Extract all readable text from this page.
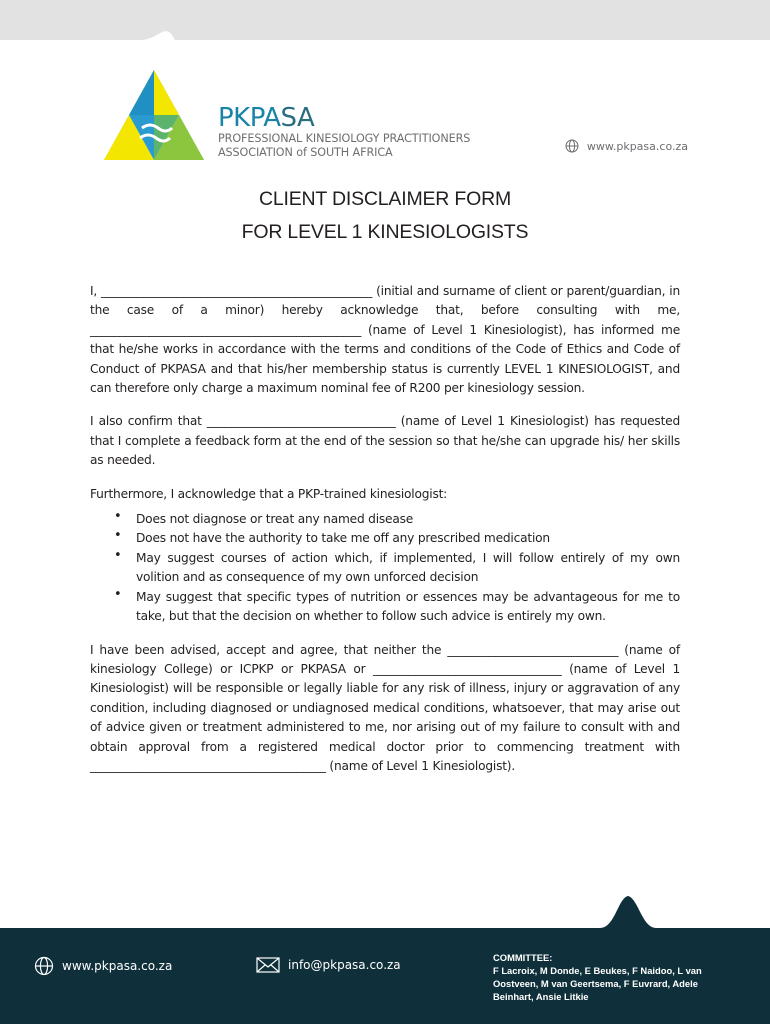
PKPASA
PROFESSIONAL KINESIOLOGY PRACTITIONERS
ASSOCIATION of SOUTH AFRICA	www.pkpasa.co.za
CLIENT DISCLAIMER FORM
FOR LEVEL 1 KINESIOLOGISTS

I, ______________________________________________ (initial and surname of client or parent/guardian, in the case of a minor) hereby acknowledge that, before consulting with me, ______________________________________________ (name of Level 1 Kinesiologist), has informed me that he/she works in accordance with the terms and conditions of the Code of Ethics and Code of Conduct of PKPASA and that his/her membership status is currently LEVEL 1 KINESIOLOGIST, and can therefore only charge a maximum nominal fee of R200 per kinesiology session.

I also confirm that ________________________________ (name of Level 1 Kinesiologist) has requested that I complete a feedback form at the end of the session so that he/she can upgrade his/ her skills as needed.

Furthermore, I acknowledge that a PKP-trained kinesiologist:

• Does not diagnose or treat any named disease
• Does not have the authority to take me off any prescribed medication
• May suggest courses of action which, if implemented, I will follow entirely of my own volition and as consequence of my own unforced decision
• May suggest that specific types of nutrition or essences may be advantageous for me to take, but that the decision on whether to follow such advice is entirely my own.

I have been advised, accept and agree, that neither the _____________________________ (name of kinesiology College) or ICPKP or PKPASA or ________________________________ (name of Level 1 Kinesiologist) will be responsible or legally liable for any risk of illness, injury or aggravation of any condition, including diagnosed or undiagnosed medical conditions, whatsoever, that may arise out of advice given or treatment administered to me, nor arising out of my failure to consult with and obtain approval from a registered medical doctor prior to commencing treatment with ________________________________________ (name of Level 1 Kinesiologist).

www.pkpasa.co.za	info@pkpasa.co.za
COMMITTEE:
F Lacroix, M Donde, E Beukes, F Naidoo, L van Oostveen, M van Geertsema, F Euvrard, Adele Beinhart, Ansie Litkie
